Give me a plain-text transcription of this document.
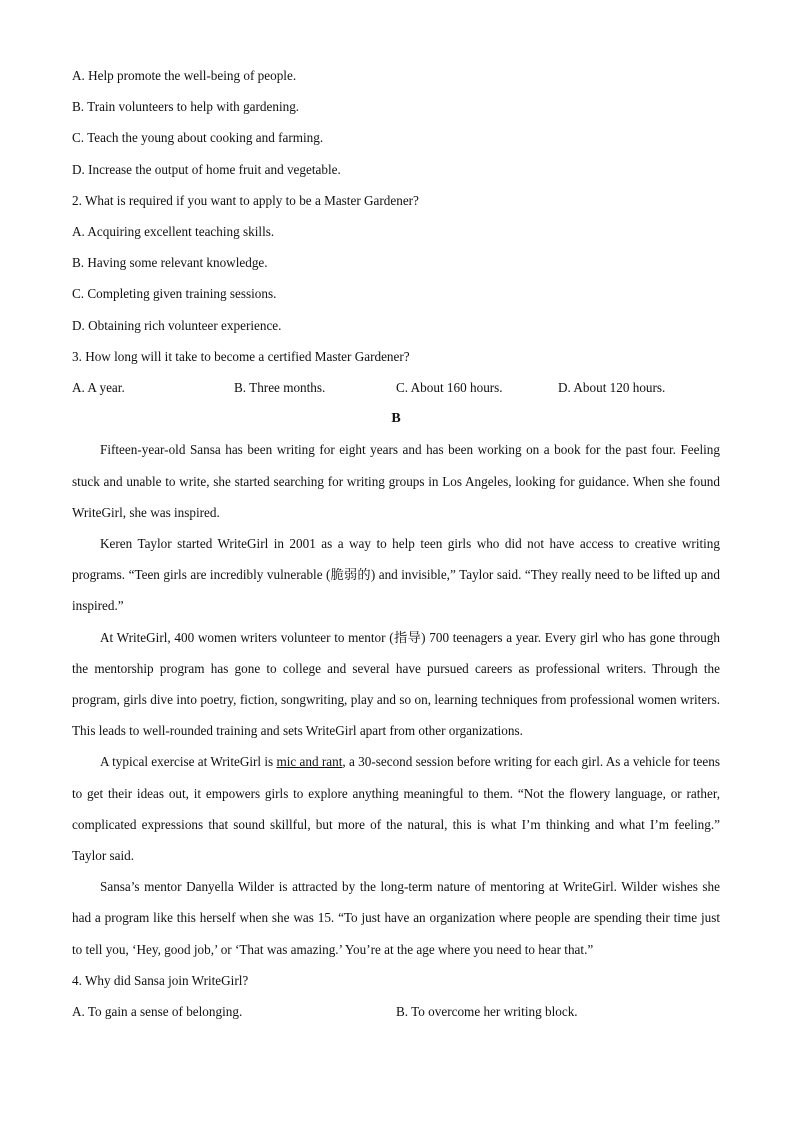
A. Help promote the well-being of people.
B. Train volunteers to help with gardening.
C. Teach the young about cooking and farming.
D. Increase the output of home fruit and vegetable.
2. What is required if you want to apply to be a Master Gardener?
A. Acquiring excellent teaching skills.
B. Having some relevant knowledge.
C. Completing given training sessions.
D. Obtaining rich volunteer experience.
3. How long will it take to become a certified Master Gardener?
A. A year.	B. Three months.	C. About 160 hours.	D. About 120 hours.
B
Fifteen-year-old Sansa has been writing for eight years and has been working on a book for the past four. Feeling stuck and unable to write, she started searching for writing groups in Los Angeles, looking for guidance. When she found WriteGirl, she was inspired.
Keren Taylor started WriteGirl in 2001 as a way to help teen girls who did not have access to creative writing programs. “Teen girls are incredibly vulnerable (脆弱的) and invisible,” Taylor said. “They really need to be lifted up and inspired.”
At WriteGirl, 400 women writers volunteer to mentor (指导) 700 teenagers a year. Every girl who has gone through the mentorship program has gone to college and several have pursued careers as professional writers. Through the program, girls dive into poetry, fiction, songwriting, play and so on, learning techniques from professional women writers. This leads to well-rounded training and sets WriteGirl apart from other organizations.
A typical exercise at WriteGirl is mic and rant, a 30-second session before writing for each girl. As a vehicle for teens to get their ideas out, it empowers girls to explore anything meaningful to them. “Not the flowery language, or rather, complicated expressions that sound skillful, but more of the natural, this is what I’m thinking and what I’m feeling.” Taylor said.
Sansa’s mentor Danyella Wilder is attracted by the long-term nature of mentoring at WriteGirl. Wilder wishes she had a program like this herself when she was 15. “To just have an organization where people are spending their time just to tell you, ‘Hey, good job,’ or ‘That was amazing.’ You’re at the age where you need to hear that.”
4. Why did Sansa join WriteGirl?
A. To gain a sense of belonging.	B. To overcome her writing block.
